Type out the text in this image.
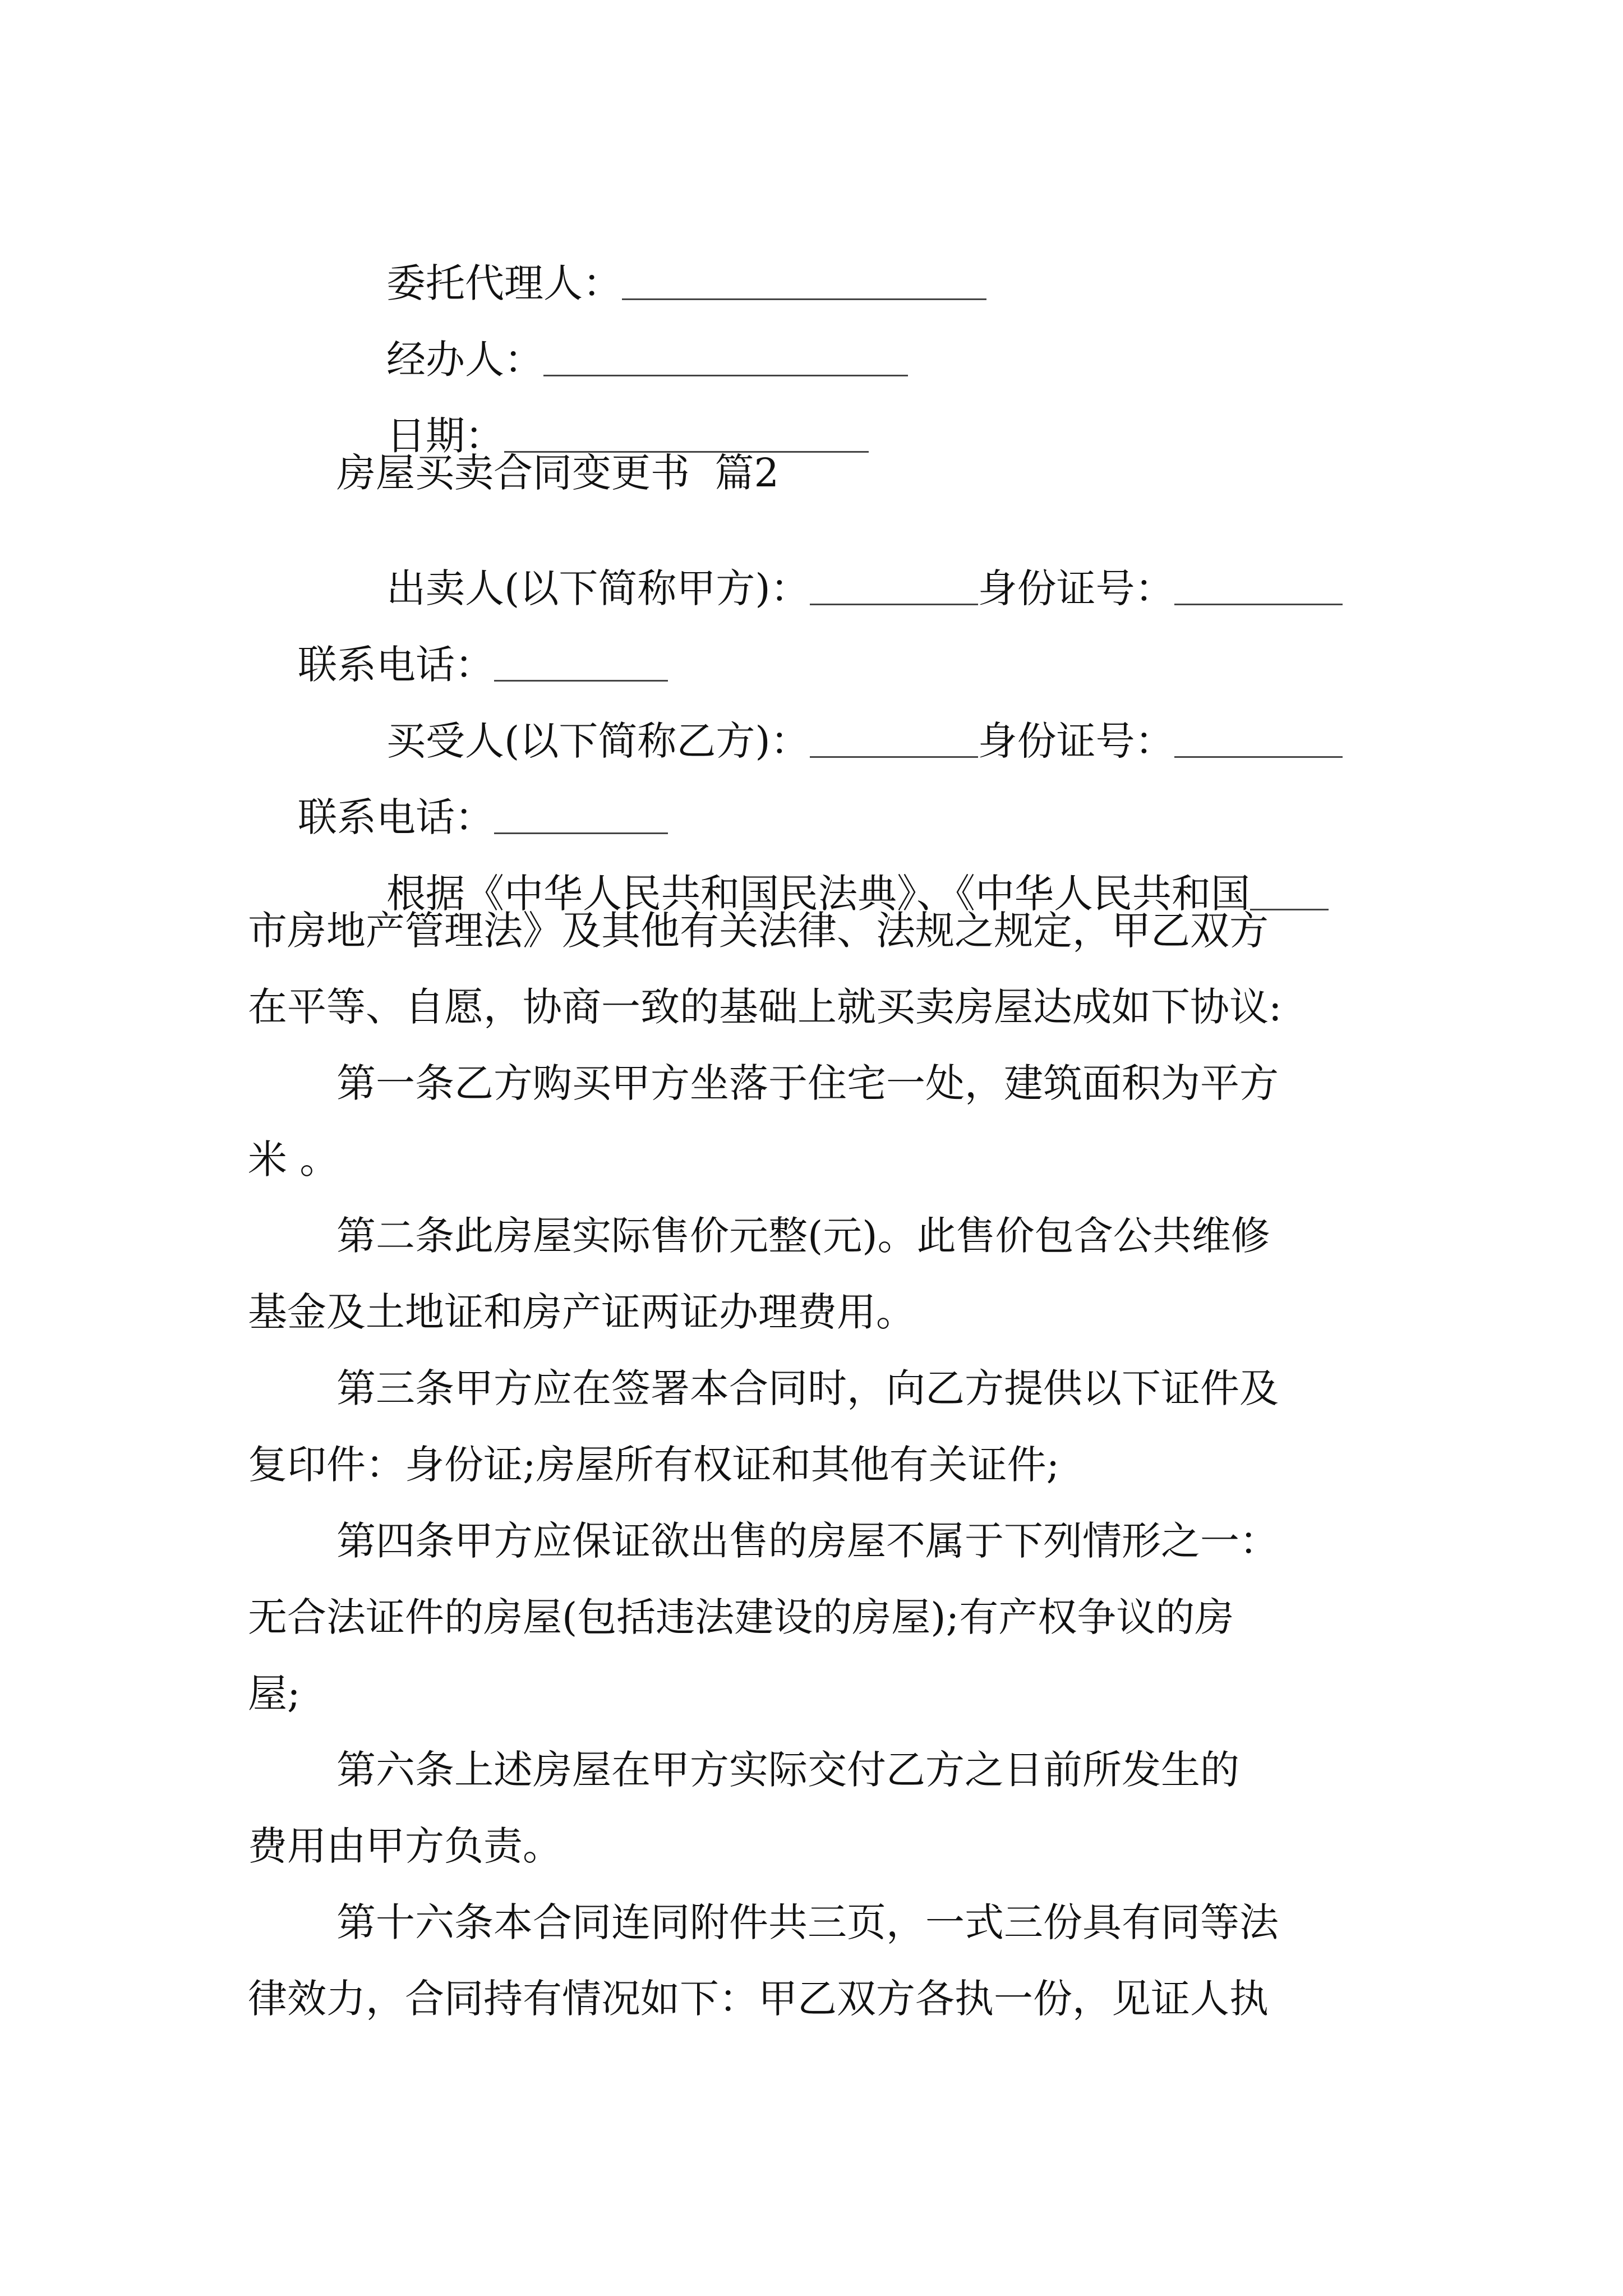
委托代理人：

经办人：

日期：

房屋买卖合同变更书  篇2

出卖人(以下简称甲方)：	身份证号：

联系电话：

买受人(以下简称乙方)：	身份证号：

联系电话：

根据《中华人民共和国民法典》、《中华人民共和国

市房地产管理法》及其他有关法律、法规之规定，甲乙双方
在平等、自愿，协商一致的基础上就买卖房屋达成如下协议:
第一条乙方购买甲方坐落于住宅一处，建筑面积为平方
米 。
第二条此房屋实际售价元整(元)。此售价包含公共维修
基金及土地证和房产证两证办理费用。
第三条甲方应在签署本合同时，向乙方提供以下证件及
复印件：身份证;房屋所有权证和其他有关证件;
第四条甲方应保证欲出售的房屋不属于下列情形之一：
无合法证件的房屋(包括违法建设的房屋);有产权争议的房
屋;
第六条上述房屋在甲方实际交付乙方之日前所发生的
费用由甲方负责。
第十六条本合同连同附件共三页，一式三份具有同等法
律效力，合同持有情况如下：甲乙双方各执一份，见证人执
